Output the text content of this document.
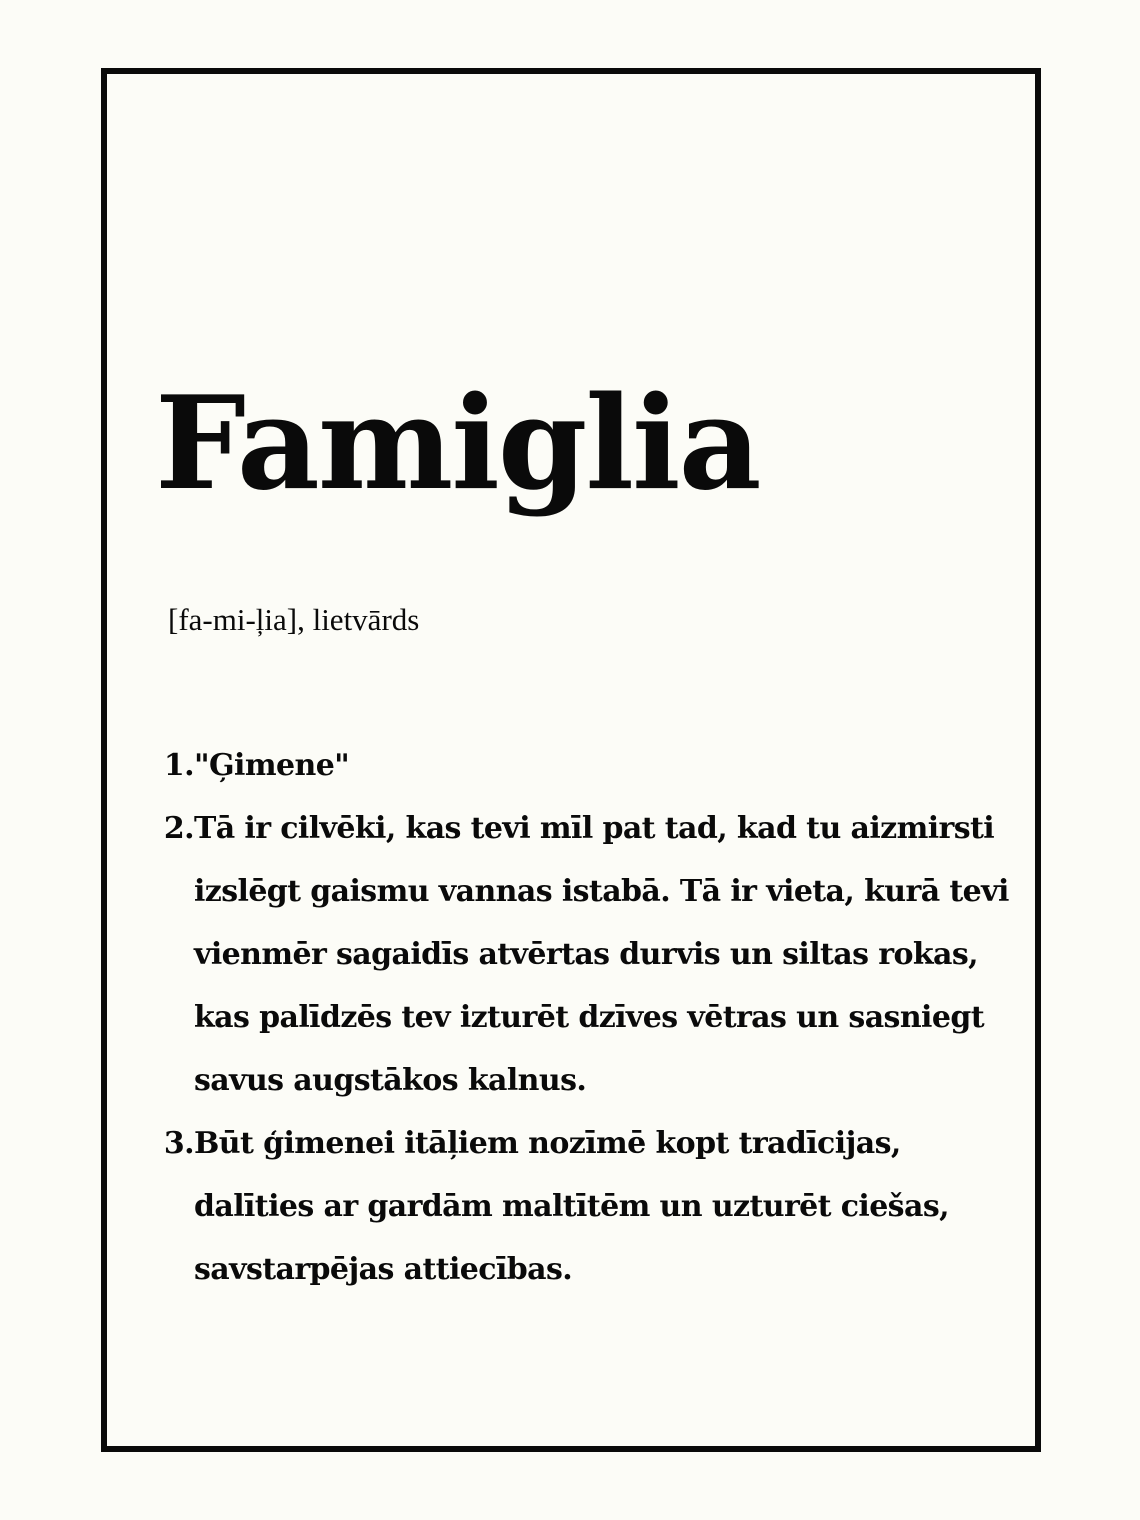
Famiglia
[fa-mi-ļia], lietvārds
1. "Ģimene"
2. Tā ir cilvēki, kas tevi mīl pat tad, kad tu aizmirsti izslēgt gaismu vannas istabā. Tā ir vieta, kurā tevi vienmēr sagaidīs atvērtas durvis un siltas rokas, kas palīdzēs tev izturēt dzīves vētras un sasniegt savus augstākos kalnus.
3. Būt ģimenei itāļiem nozīmē kopt tradīcijas, dalīties ar gardām maltītēm un uzturēt ciešas, savstarpējas attiecības.
